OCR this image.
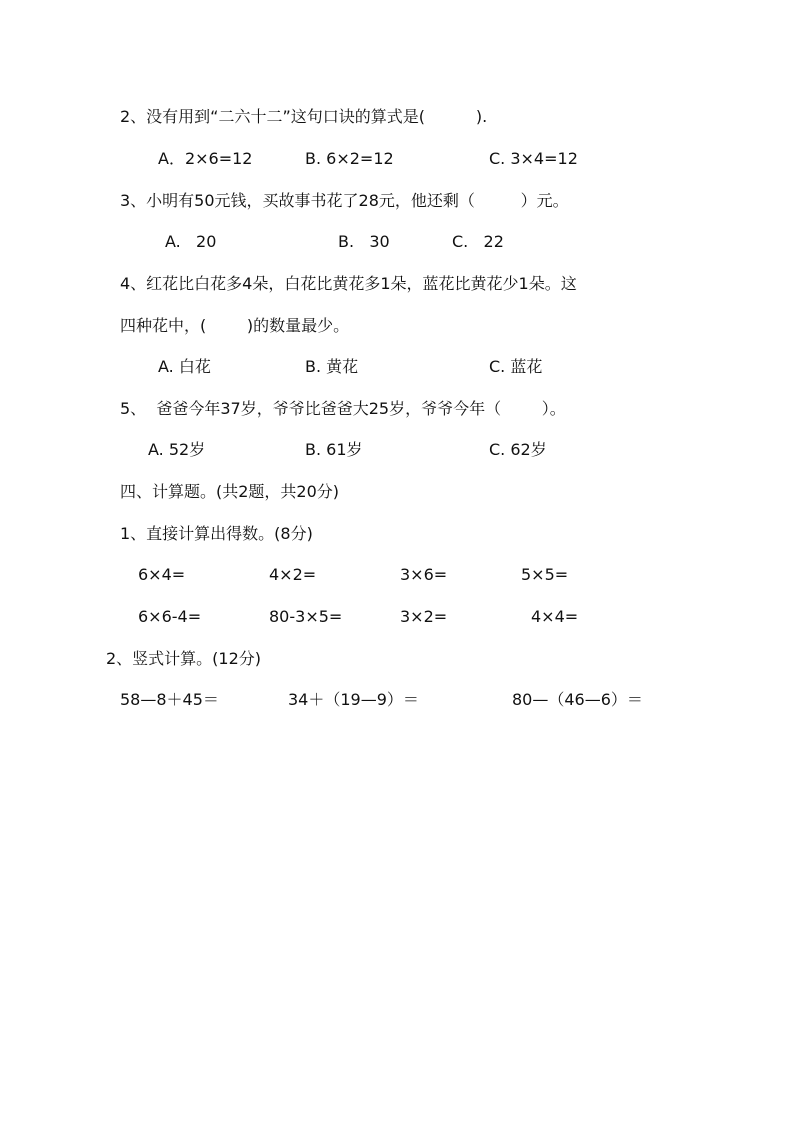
2、没有用到“二六十二”这句口诀的算式是(          ).
A．2×6=12	B. 6×2=12	C. 3×4=12
3、小明有50元钱，买故事书花了28元，他还剩（         ）元。
A.   20	B.   30	C.   22
4、红花比白花多4朵，白花比黄花多1朵，蓝花比黄花少1朵。这
四种花中，(        )的数量最少。
A. 白花	B. 黄花	C. 蓝花
5、  爸爸今年37岁，爷爷比爸爸大25岁，爷爷今年（        ）。
A. 52岁	B. 61岁	C. 62岁
四、计算题。(共2题，共20分)
1、直接计算出得数。(8分)
6×4=	4×2=	3×6=	5×5=
6×6-4=	80-3×5=	3×2=	4×4=
2、竖式计算。(12分)
58—8＋45＝	34＋（19—9）＝	80—（46—6）＝
